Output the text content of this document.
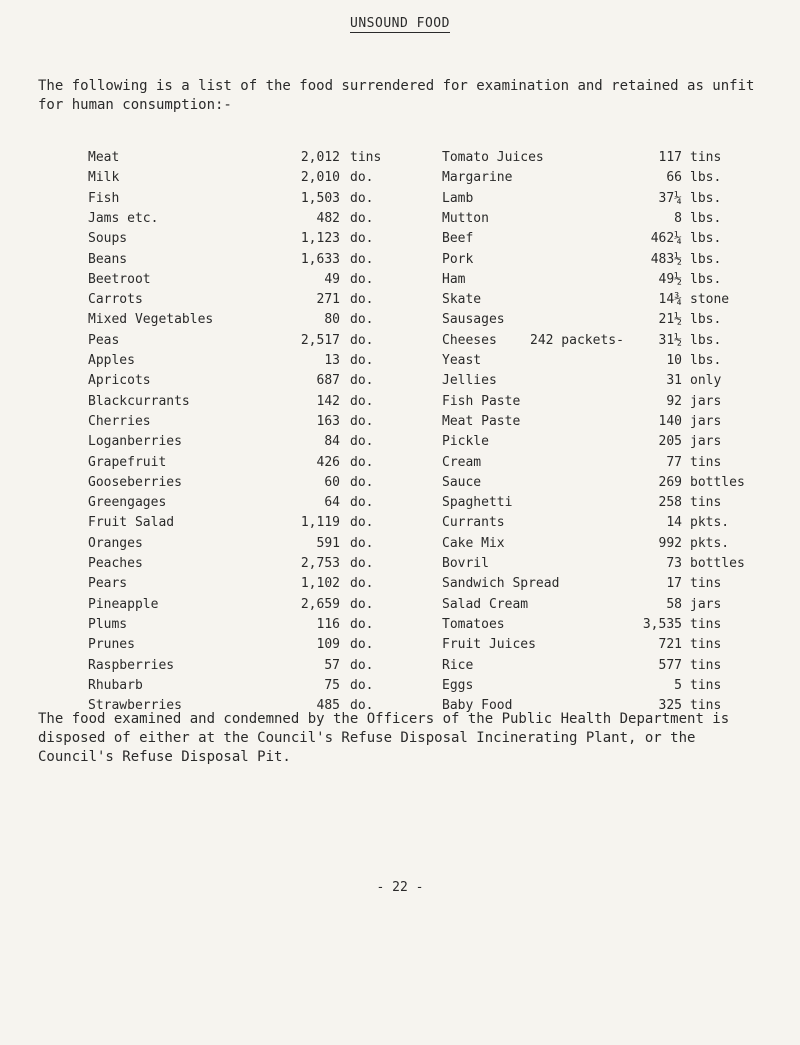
UNSOUND FOOD
The following is a list of the food surrendered for examination and retained as unfit for human consumption:-
Meat	2,012 tins	Tomato Juices	117 tins
Milk	2,010 do.	Margarine	66 lbs.
Fish	1,503 do.	Lamb	37¼ lbs.
Jams etc.	482 do.	Mutton	8 lbs.
Soups	1,123 do.	Beef	462¼ lbs.
Beans	1,633 do.	Pork	483½ lbs.
Beetroot	49 do.	Ham	49½ lbs.
Carrots	271 do.	Skate	14¾ stone
Mixed Vegetables	80 do.	Sausages	21½ lbs.
Peas	2,517 do.	Cheeses	242 packets-	31½ lbs.
Apples	13 do.	Yeast	10 lbs.
Apricots	687 do.	Jellies	31 only
Blackcurrants	142 do.	Fish Paste	92 jars
Cherries	163 do.	Meat Paste	140 jars
Loganberries	84 do.	Pickle	205 jars
Grapefruit	426 do.	Cream	77 tins
Gooseberries	60 do.	Sauce	269 bottles
Greengages	64 do.	Spaghetti	258 tins
Fruit Salad	1,119 do.	Currants	14 pkts.
Oranges	591 do.	Cake Mix	992 pkts.
Peaches	2,753 do.	Bovril	73 bottles
Pears	1,102 do.	Sandwich Spread	17 tins
Pineapple	2,659 do.	Salad Cream	58 jars
Plums	116 do.	Tomatoes	3,535 tins
Prunes	109 do.	Fruit Juices	721 tins
Raspberries	57 do.	Rice	577 tins
Rhubarb	75 do.	Eggs	5 tins
Strawberries	485 do.	Baby Food	325 tins
The food examined and condemned by the Officers of the Public Health Department is disposed of either at the Council's Refuse Disposal Incinerating Plant, or the Council's Refuse Disposal Pit.
- 22 -
